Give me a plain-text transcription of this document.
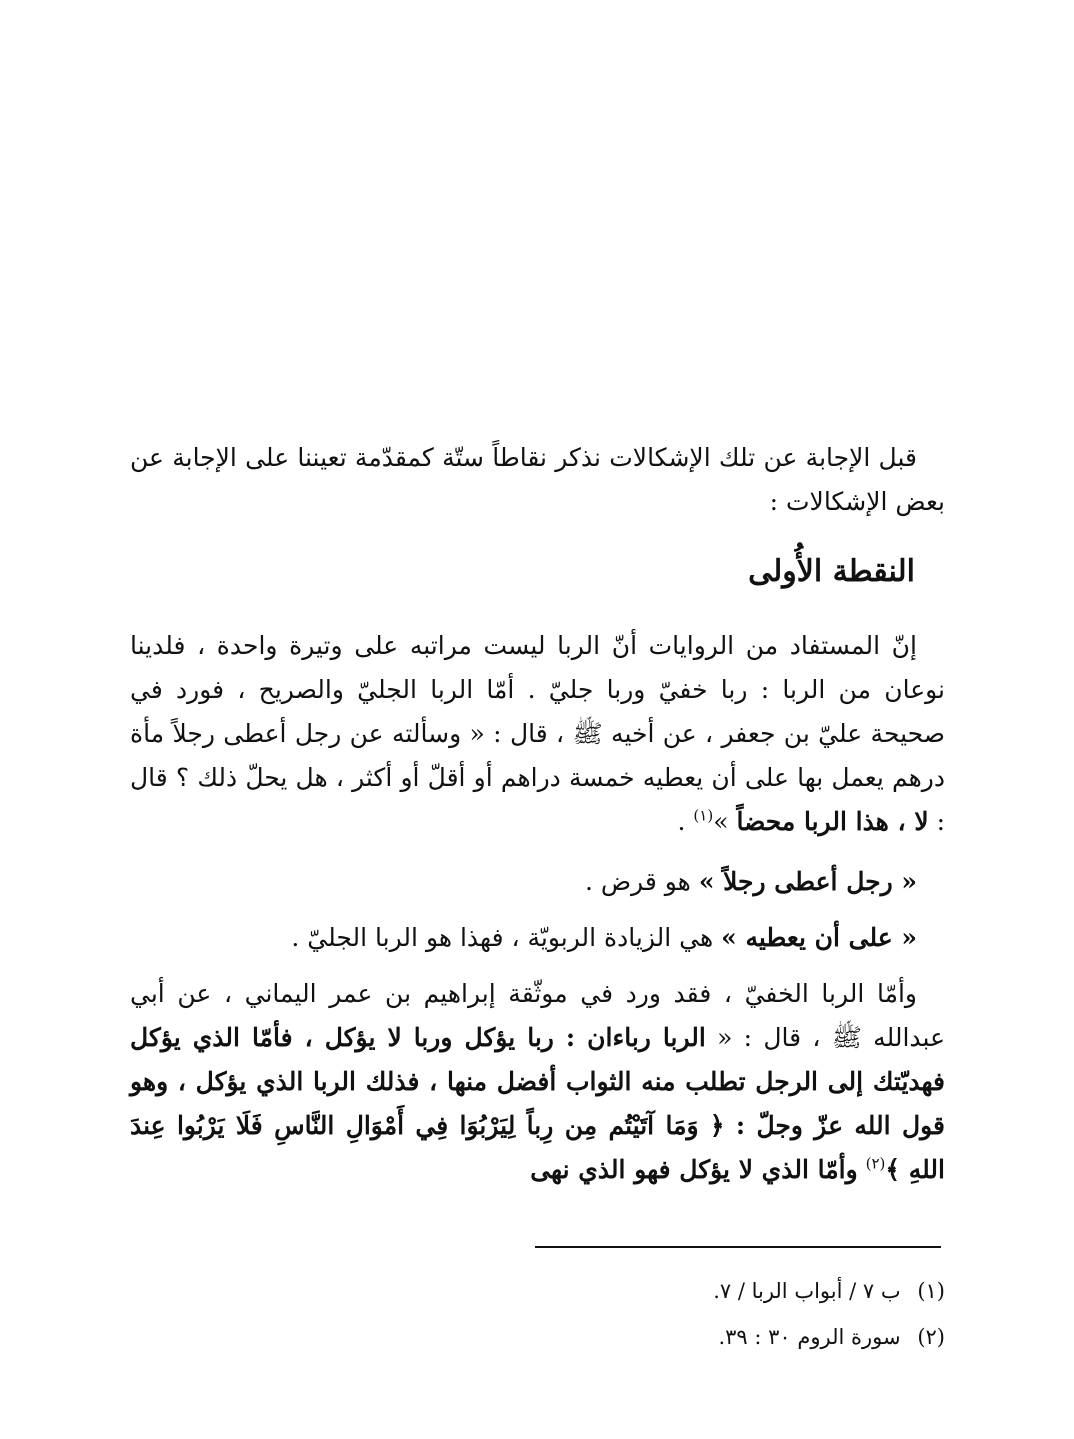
قبل الإجابة عن تلك الإشكالات نذكر نقاطاً ستّة كمقدّمة تعيننا على الإجابة عن بعض الإشكالات :

النقطة الأُولى

إنّ المستفاد من الروايات أنّ الربا ليست مراتبه على وتيرة واحدة ، فلدينا نوعان من الربا : ربا خفيّ وربا جليّ . أمّا الربا الجليّ والصريح ، فورد في صحيحة عليّ بن جعفر ، عن أخيه ﷺ ، قال : « وسألته عن رجل أعطى رجلاً مأة درهم يعمل بها على أن يعطيه خمسة دراهم أو أقلّ أو أكثر ، هل يحلّ ذلك ؟ قال : لا ، هذا الربا محضاً »$^{(١)}$ .

« رجل أعطى رجلاً » هو قرض .

« على أن يعطيه » هي الزيادة الربويّة ، فهذا هو الربا الجليّ .

وأمّا الربا الخفيّ ، فقد ورد في موثّقة إبراهيم بن عمر اليماني ، عن أبي عبدالله ﷺ ، قال : « الربا رباءان : ربا يؤكل وربا لا يؤكل ، فأمّا الذي يؤكل فهديّتك إلى الرجل تطلب منه الثواب أفضل منها ، فذلك الربا الذي يؤكل ، وهو قول الله عزّ وجلّ : ﴿ وَمَا آتَيْتُم مِن رِباً لِيَرْبُوَا فِي أَمْوَالِ النَّاسِ فَلَا يَرْبُوا عِندَ اللهِ ﴾$^{(٢)}$ وأمّا الذي لا يؤكل فهو الذي نهى

(١) ب ٧ / أبواب الربا / ٧.

(٢) سورة الروم ٣٠ : ٣٩.
